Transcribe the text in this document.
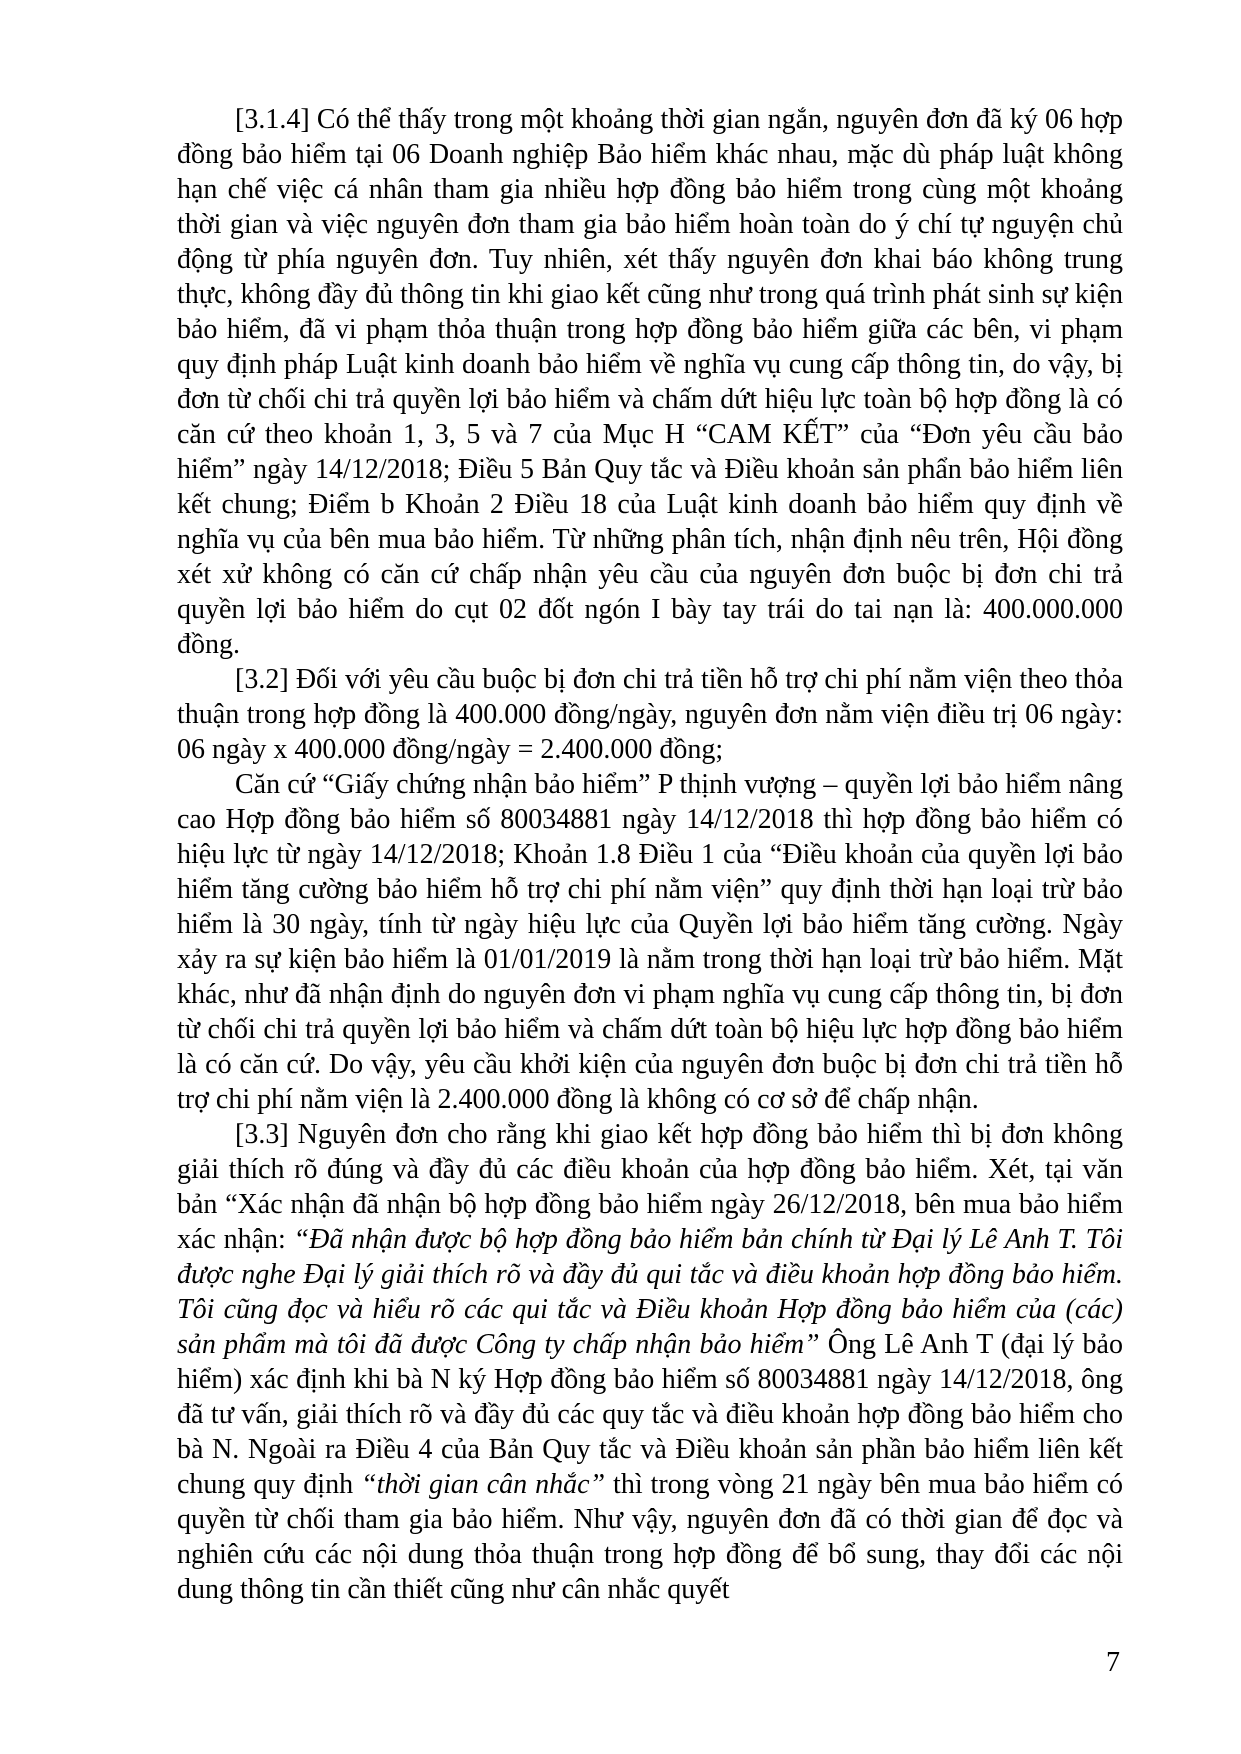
[3.1.4] Có thể thấy trong một khoảng thời gian ngắn, nguyên đơn đã ký 06 hợp đồng bảo hiểm tại 06 Doanh nghiệp Bảo hiểm khác nhau, mặc dù pháp luật không hạn chế việc cá nhân tham gia nhiều hợp đồng bảo hiểm trong cùng một khoảng thời gian và việc nguyên đơn tham gia bảo hiểm hoàn toàn do ý chí tự nguyện chủ động từ phía nguyên đơn. Tuy nhiên, xét thấy nguyên đơn khai báo không trung thực, không đầy đủ thông tin khi giao kết cũng như trong quá trình phát sinh sự kiện bảo hiểm, đã vi phạm thỏa thuận trong hợp đồng bảo hiểm giữa các bên, vi phạm quy định pháp Luật kinh doanh bảo hiểm về nghĩa vụ cung cấp thông tin, do vậy, bị đơn từ chối chi trả quyền lợi bảo hiểm và chấm dứt hiệu lực toàn bộ hợp đồng là có căn cứ theo khoản 1, 3, 5 và 7 của Mục H “CAM KẾT” của “Đơn yêu cầu bảo hiểm” ngày 14/12/2018; Điều 5 Bản Quy tắc và Điều khoản sản phẩn bảo hiểm liên kết chung; Điểm b Khoản 2 Điều 18 của Luật kinh doanh bảo hiểm quy định về nghĩa vụ của bên mua bảo hiểm. Từ những phân tích, nhận định nêu trên, Hội đồng xét xử không có căn cứ chấp nhận yêu cầu của nguyên đơn buộc bị đơn chi trả quyền lợi bảo hiểm do cụt 02 đốt ngón I bày tay trái do tai nạn là: 400.000.000 đồng.

[3.2] Đối với yêu cầu buộc bị đơn chi trả tiền hỗ trợ chi phí nằm viện theo thỏa thuận trong hợp đồng là 400.000 đồng/ngày, nguyên đơn nằm viện điều trị 06 ngày: 06 ngày x 400.000 đồng/ngày = 2.400.000 đồng;

Căn cứ “Giấy chứng nhận bảo hiểm” P thịnh vượng – quyền lợi bảo hiểm nâng cao Hợp đồng bảo hiểm số 80034881 ngày 14/12/2018 thì hợp đồng bảo hiểm có hiệu lực từ ngày 14/12/2018; Khoản 1.8 Điều 1 của “Điều khoản của quyền lợi bảo hiểm tăng cường bảo hiểm hỗ trợ chi phí nằm viện” quy định thời hạn loại trừ bảo hiểm là 30 ngày, tính từ ngày hiệu lực của Quyền lợi bảo hiểm tăng cường. Ngày xảy ra sự kiện bảo hiểm là 01/01/2019 là nằm trong thời hạn loại trừ bảo hiểm. Mặt khác, như đã nhận định do nguyên đơn vi phạm nghĩa vụ cung cấp thông tin, bị đơn từ chối chi trả quyền lợi bảo hiểm và chấm dứt toàn bộ hiệu lực hợp đồng bảo hiểm là có căn cứ. Do vậy, yêu cầu khởi kiện của nguyên đơn buộc bị đơn chi trả tiền hỗ trợ chi phí nằm viện là 2.400.000 đồng là không có cơ sở để chấp nhận.

[3.3] Nguyên đơn cho rằng khi giao kết hợp đồng bảo hiểm thì bị đơn không giải thích rõ đúng và đầy đủ các điều khoản của hợp đồng bảo hiểm. Xét, tại văn bản “Xác nhận đã nhận bộ hợp đồng bảo hiểm ngày 26/12/2018, bên mua bảo hiểm xác nhận: “Đã nhận được bộ hợp đồng bảo hiểm bản chính từ Đại lý Lê Anh T. Tôi được nghe Đại lý giải thích rõ và đầy đủ qui tắc và điều khoản hợp đồng bảo hiểm. Tôi cũng đọc và hiểu rõ các qui tắc và Điều khoản Hợp đồng bảo hiểm của (các) sản phẩm mà tôi đã được Công ty chấp nhận bảo hiểm” Ông Lê Anh T (đại lý bảo hiểm) xác định khi bà N ký Hợp đồng bảo hiểm số 80034881 ngày 14/12/2018, ông đã tư vấn, giải thích rõ và đầy đủ các quy tắc và điều khoản hợp đồng bảo hiểm cho bà N. Ngoài ra Điều 4 của Bản Quy tắc và Điều khoản sản phần bảo hiểm liên kết chung quy định “thời gian cân nhắc” thì trong vòng 21 ngày bên mua bảo hiểm có quyền từ chối tham gia bảo hiểm. Như vậy, nguyên đơn đã có thời gian để đọc và nghiên cứu các nội dung thỏa thuận trong hợp đồng để bổ sung, thay đổi các nội dung thông tin cần thiết cũng như cân nhắc quyết

7
